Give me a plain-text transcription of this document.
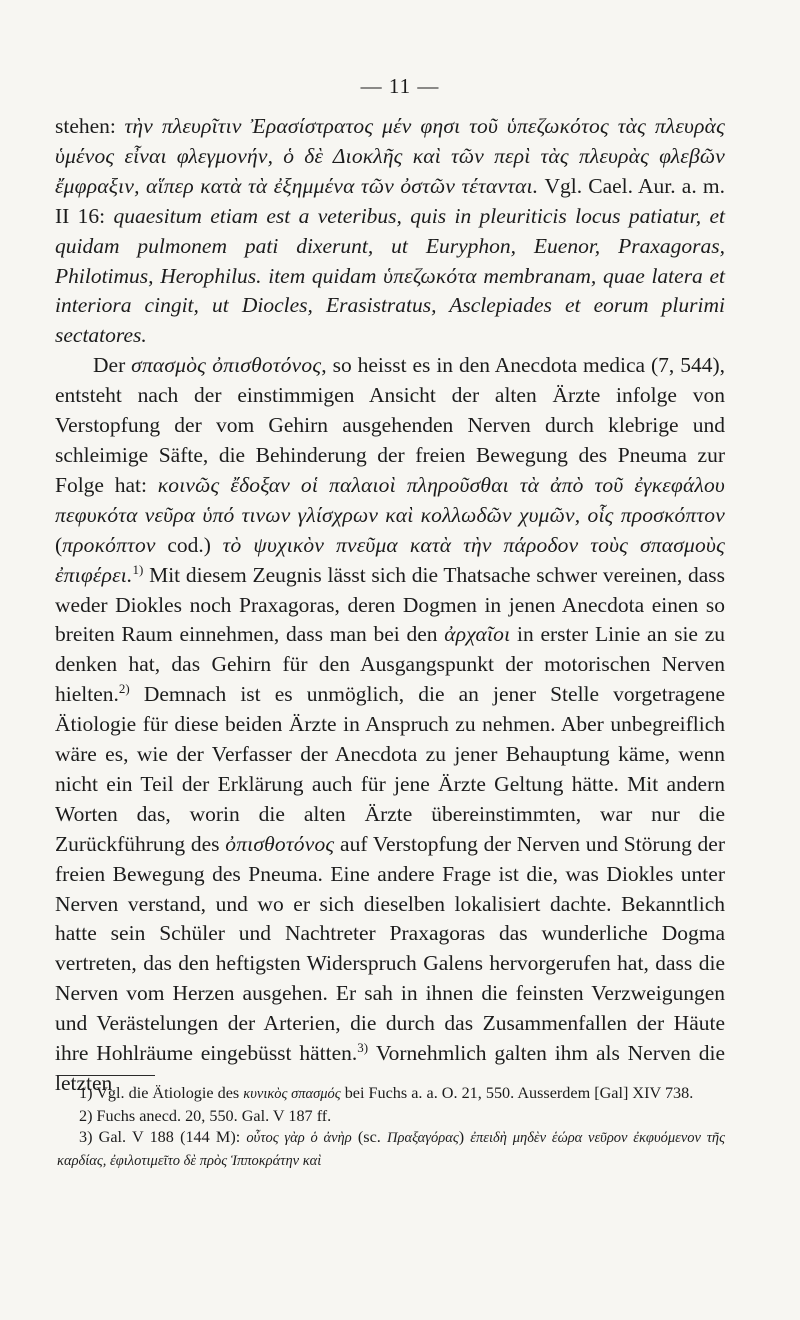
— 11 —

stehen: τὴν πλευρῖτιν Ἐρασίστρατος μέν φησι τοῦ ὑπεζωκότος τὰς πλευρὰς ὑμένος εἶναι φλεγμονήν, ὁ δὲ Διοκλῆς καὶ τῶν περὶ τὰς πλευρὰς φλεβῶν ἔμφραξιν, αἵπερ κατὰ τὰ ἐξημμένα τῶν ὀστῶν τέτανται. Vgl. Cael. Aur. a. m. II 16: quaesitum etiam est a veteribus, quis in pleuriticis locus patiatur, et quidam pulmonem pati dixerunt, ut Euryphon, Euenor, Praxagoras, Philotimus, Herophilus. item quidam ὑπεζωκότα membranam, quae latera et interiora cingit, ut Diocles, Erasistratus, Asclepiades et eorum plurimi sectatores.

Der σπασμὸς ὀπισθοτόνος, so heisst es in den Anecdota medica (7, 544), entsteht nach der einstimmigen Ansicht der alten Ärzte infolge von Verstopfung der vom Gehirn ausgehenden Nerven durch klebrige und schleimige Säfte, die Behinderung der freien Bewegung des Pneuma zur Folge hat: κοινῶς ἔδοξαν οἱ παλαιοὶ πληροῦσθαι τὰ ἀπὸ τοῦ ἐγκεφάλου πεφυκότα νεῦρα ὑπό τινων γλίσχρων καὶ κολλωδῶν χυμῶν, οἷς προσκόπτον (προκόπτον cod.) τὸ ψυχικὸν πνεῦμα κατὰ τὴν πάροδον τοὺς σπασμοὺς ἐπιφέρει.$^{1)}$ Mit diesem Zeugnis lässt sich die Thatsache schwer vereinen, dass weder Diokles noch Praxagoras, deren Dogmen in jenen Anecdota einen so breiten Raum einnehmen, dass man bei den ἀρχαῖοι in erster Linie an sie zu denken hat, das Gehirn für den Ausgangspunkt der motorischen Nerven hielten.$^{2)}$ Demnach ist es unmöglich, die an jener Stelle vorgetragene Ätiologie für diese beiden Ärzte in Anspruch zu nehmen. Aber unbegreiflich wäre es, wie der Verfasser der Anecdota zu jener Behauptung käme, wenn nicht ein Teil der Erklärung auch für jene Ärzte Geltung hätte. Mit andern Worten das, worin die alten Ärzte übereinstimmten, war nur die Zurückführung des ὀπισθοτόνος auf Verstopfung der Nerven und Störung der freien Bewegung des Pneuma. Eine andere Frage ist die, was Diokles unter Nerven verstand, und wo er sich dieselben lokalisiert dachte. Bekanntlich hatte sein Schüler und Nachtreter Praxagoras das wunderliche Dogma vertreten, das den heftigsten Widerspruch Galens hervorgerufen hat, dass die Nerven vom Herzen ausgehen. Er sah in ihnen die feinsten Verzweigungen und Verästelungen der Arterien, die durch das Zusammenfallen der Häute ihre Hohlräume eingebüsst hätten.$^{3)}$ Vornehmlich galten ihm als Nerven die letzten

1) Vgl. die Ätiologie des κυνικὸς σπασμός bei Fuchs a. a. O. 21, 550. Ausserdem [Gal] XIV 738.

2) Fuchs anecd. 20, 550. Gal. V 187 ff.

3) Gal. V 188 (144 M): οὗτος γὰρ ὁ ἀνὴρ (sc. Πραξαγόρας) ἐπειδὴ μηδὲν ἑώρα νεῦρον ἐκφυόμενον τῆς καρδίας, ἐφιλοτιμεῖτο δὲ πρὸς Ἱπποκράτην καὶ
